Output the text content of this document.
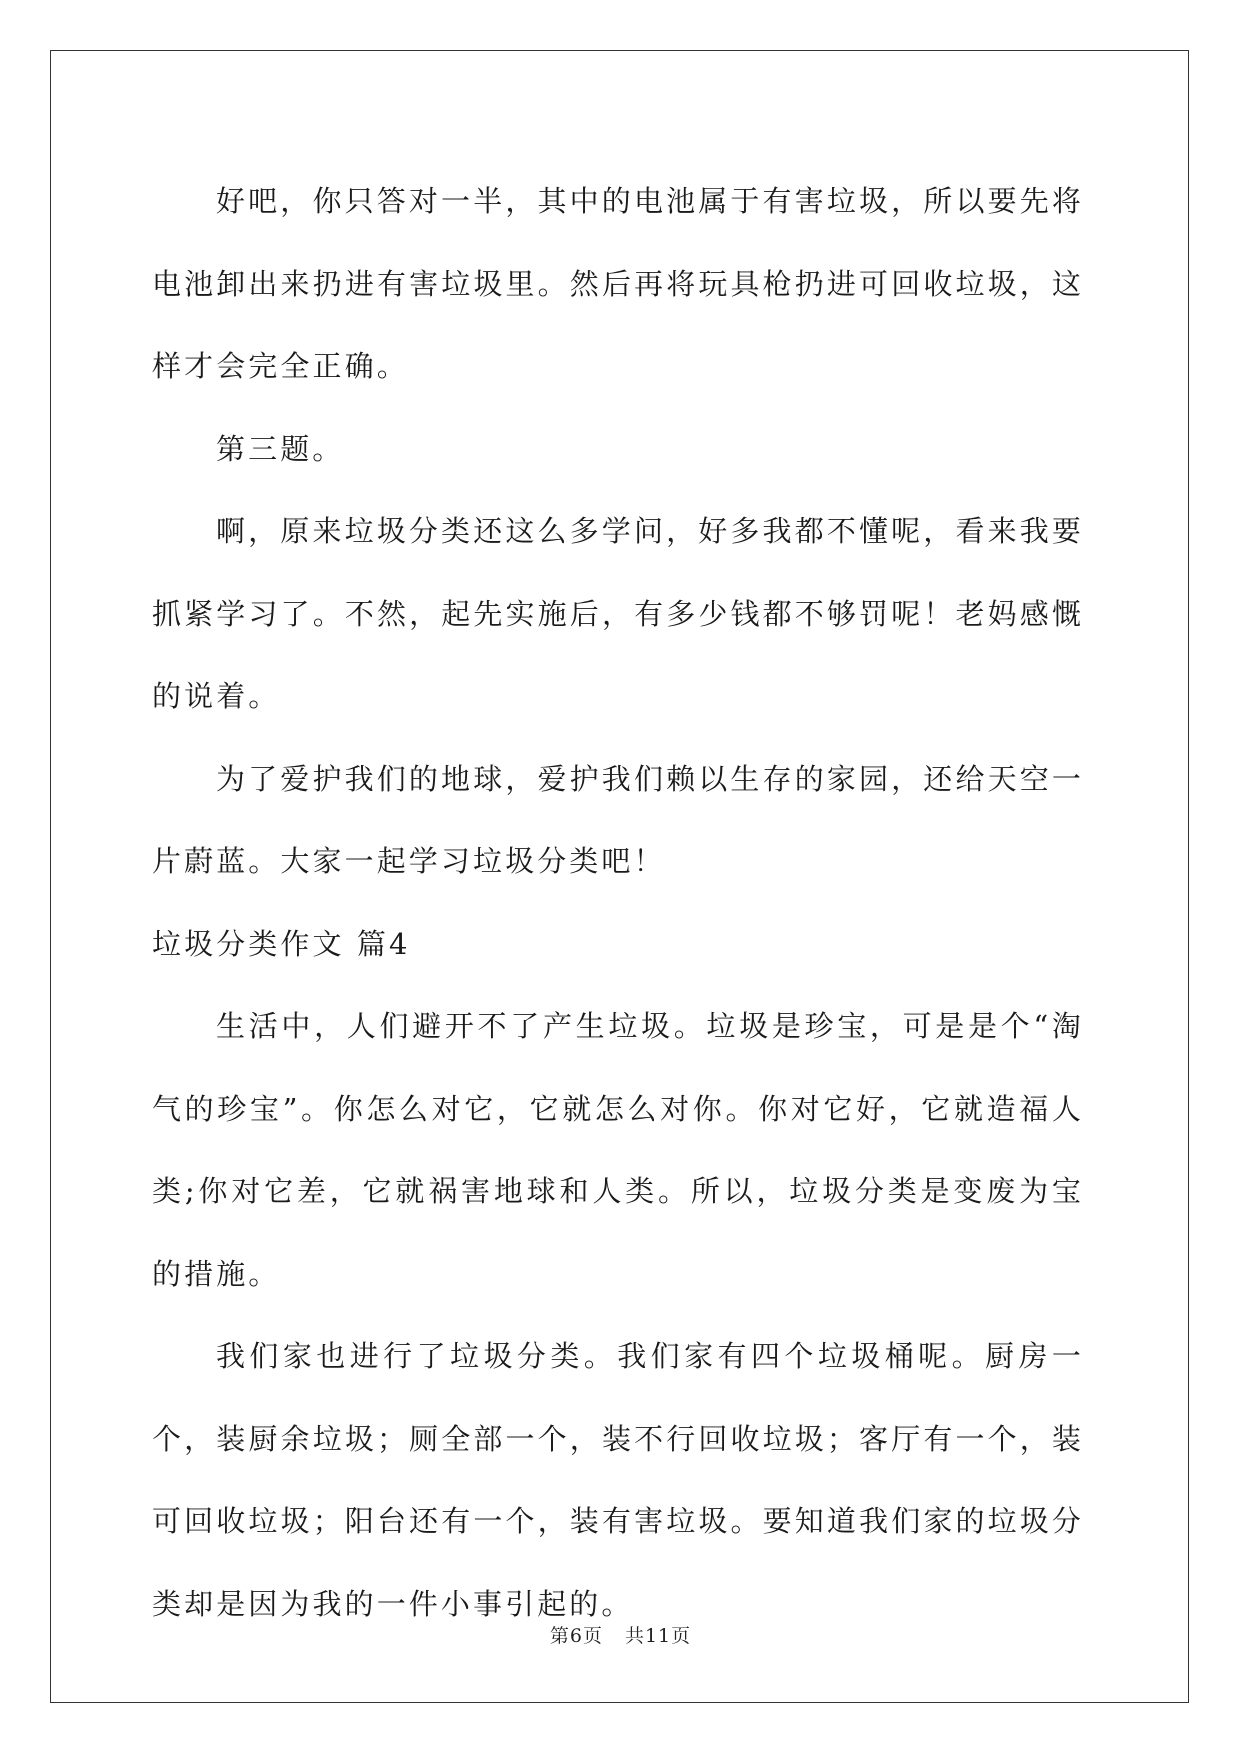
好吧，你只答对一半，其中的电池属于有害垃圾，所以要先将电池卸出来扔进有害垃圾里。然后再将玩具枪扔进可回收垃圾，这样才会完全正确。

第三题。

啊，原来垃圾分类还这么多学问，好多我都不懂呢，看来我要抓紧学习了。不然，起先实施后，有多少钱都不够罚呢！老妈感慨的说着。

为了爱护我们的地球，爱护我们赖以生存的家园，还给天空一片蔚蓝。大家一起学习垃圾分类吧！

垃圾分类作文 篇4

生活中，人们避开不了产生垃圾。垃圾是珍宝，可是是个“淘气的珍宝”。你怎么对它，它就怎么对你。你对它好，它就造福人类;你对它差，它就祸害地球和人类。所以，垃圾分类是变废为宝的措施。

我们家也进行了垃圾分类。我们家有四个垃圾桶呢。厨房一个，装厨余垃圾；厕全部一个，装不行回收垃圾；客厅有一个，装可回收垃圾；阳台还有一个，装有害垃圾。要知道我们家的垃圾分类却是因为我的一件小事引起的。

第6页 共11页
